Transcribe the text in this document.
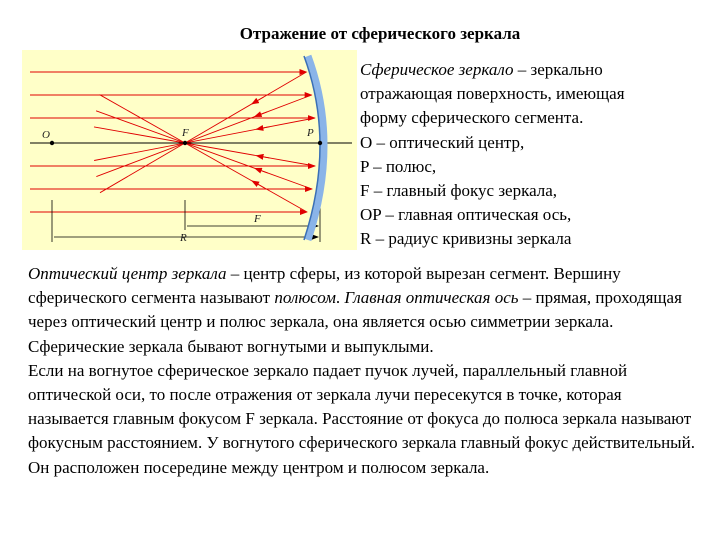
Отражение от сферического зеркала
O	F	P
F
R
Сферическое зеркало – зеркально
отражающая поверхность, имеющая
форму сферического сегмента.
O – оптический центр,
P – полюс,
F – главный фокус зеркала,
OP – главная оптическая ось,
R – радиус кривизны зеркала

Оптический центр зеркала – центр сферы, из которой вырезан сегмент. Вершину сферического сегмента называют полюсом. Главная оптическая ось – прямая, проходящая через оптический центр и полюс зеркала, она является осью симметрии зеркала.

Сферические зеркала бывают вогнутыми и выпуклыми.

Если на вогнутое сферическое зеркало падает пучок лучей, параллельный главной оптической оси, то после отражения от зеркала лучи пересекутся в точке, которая называется главным фокусом F зеркала. Расстояние от фокуса до полюса зеркала называют фокусным расстоянием. У вогнутого сферического зеркала главный фокус действительный. Он расположен посередине между центром и полюсом зеркала.
